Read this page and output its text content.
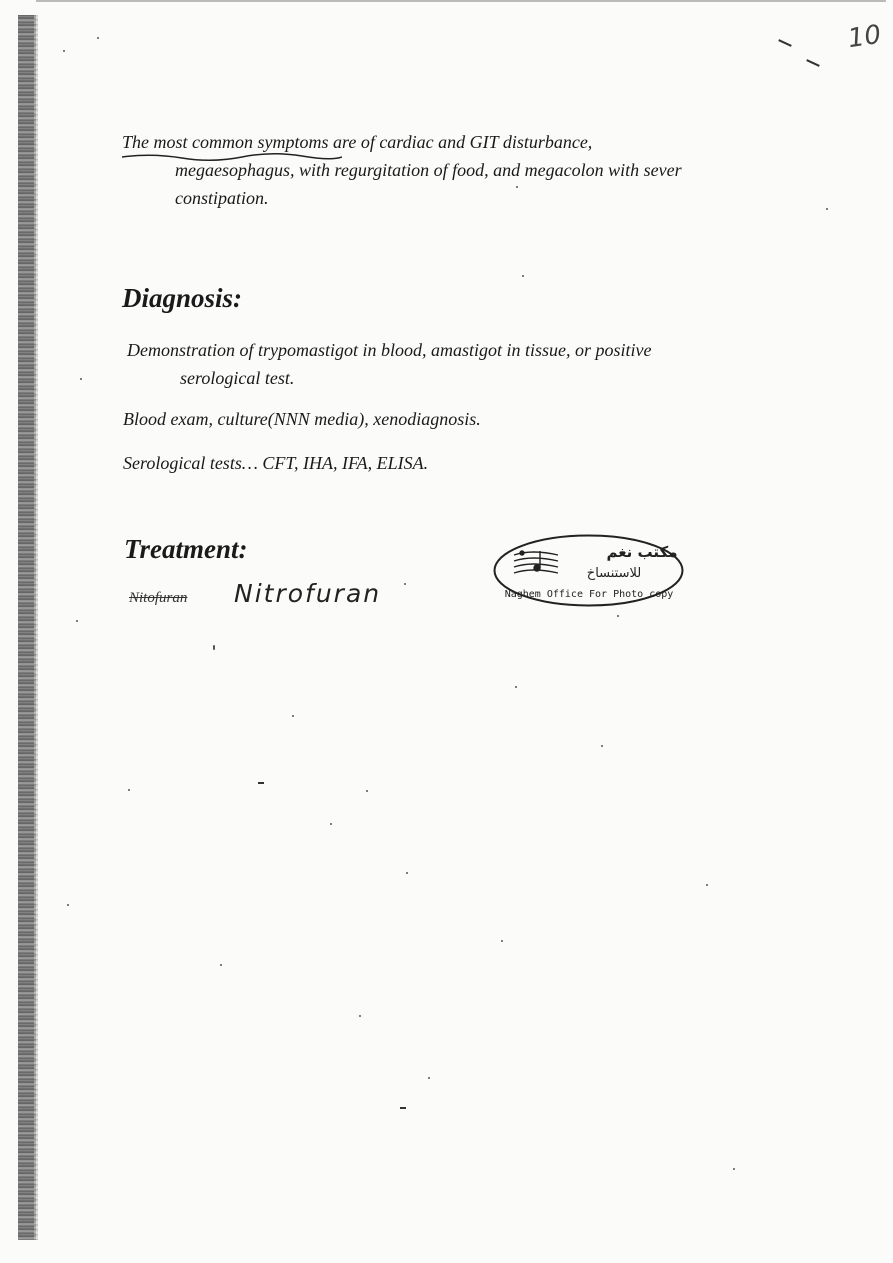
10
The most common symptoms are of cardiac and GIT disturbance,
megaesophagus, with regurgitation of food, and megacolon with sever
constipation.
Diagnosis:
Demonstration of trypomastigot in blood, amastigot in tissue, or positive
serological test.
Blood exam, culture(NNN media), xenodiagnosis.
Serological tests… CFT, IHA, IFA, ELISA.
Treatment:
Nitofuran Nitrofuran
مكتب نغم
للاستنساخ
Naghem Office For Photo copy
